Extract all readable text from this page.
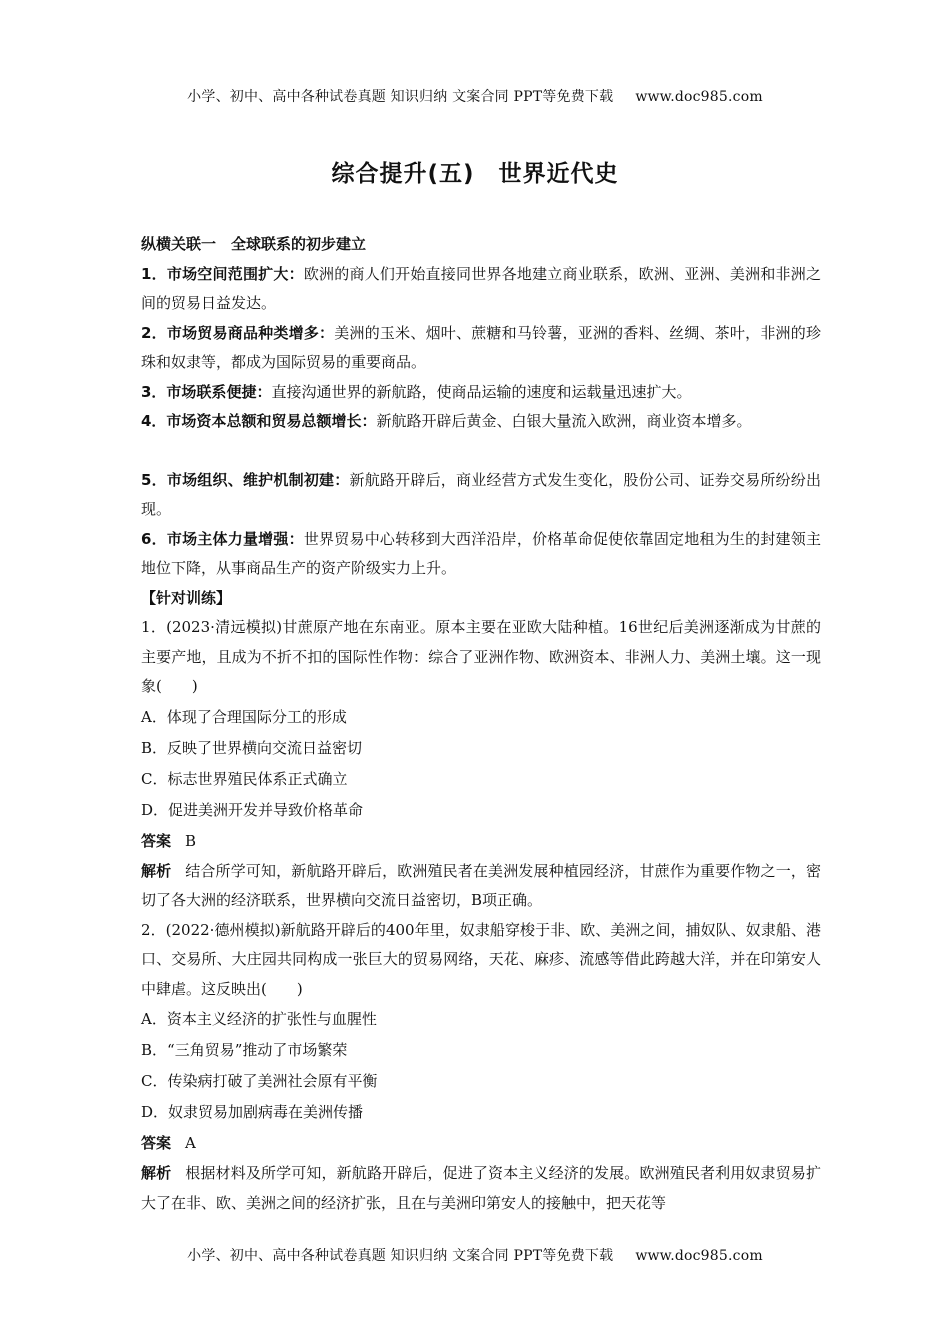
小学、初中、高中各种试卷真题 知识归纳 文案合同 PPT等免费下载 www.doc985.com
综合提升(五)　世界近代史

纵横关联一　全球联系的初步建立

1．市场空间范围扩大：欧洲的商人们开始直接同世界各地建立商业联系，欧洲、亚洲、美洲和非洲之间的贸易日益发达。

2．市场贸易商品种类增多：美洲的玉米、烟叶、蔗糖和马铃薯，亚洲的香料、丝绸、茶叶，非洲的珍珠和奴隶等，都成为国际贸易的重要商品。

3．市场联系便捷：直接沟通世界的新航路，使商品运输的速度和运载量迅速扩大。

4．市场资本总额和贸易总额增长：新航路开辟后黄金、白银大量流入欧洲，商业资本增多。

5．市场组织、维护机制初建：新航路开辟后，商业经营方式发生变化，股份公司、证券交易所纷纷出现。

6．市场主体力量增强：世界贸易中心转移到大西洋沿岸，价格革命促使依靠固定地租为生的封建领主地位下降，从事商品生产的资产阶级实力上升。

【针对训练】

1．(2023·清远模拟)甘蔗原产地在东南亚。原本主要在亚欧大陆种植。16世纪后美洲逐渐成为甘蔗的主要产地，且成为不折不扣的国际性作物：综合了亚洲作物、欧洲资本、非洲人力、美洲土壤。这一现象(　　)

A．体现了合理国际分工的形成

B．反映了世界横向交流日益密切

C．标志世界殖民体系正式确立

D．促进美洲开发并导致价格革命

答案 B

解析 结合所学可知，新航路开辟后，欧洲殖民者在美洲发展种植园经济，甘蔗作为重要作物之一，密切了各大洲的经济联系，世界横向交流日益密切，B项正确。

2．(2022·德州模拟)新航路开辟后的400年里，奴隶船穿梭于非、欧、美洲之间，捕奴队、奴隶船、港口、交易所、大庄园共同构成一张巨大的贸易网络，天花、麻疹、流感等借此跨越大洋，并在印第安人中肆虐。这反映出(　　)

A．资本主义经济的扩张性与血腥性

B．“三角贸易”推动了市场繁荣

C．传染病打破了美洲社会原有平衡

D．奴隶贸易加剧病毒在美洲传播

答案 A

解析 根据材料及所学可知，新航路开辟后，促进了资本主义经济的发展。欧洲殖民者利用奴隶贸易扩大了在非、欧、美洲之间的经济扩张，且在与美洲印第安人的接触中，把天花等

小学、初中、高中各种试卷真题 知识归纳 文案合同 PPT等免费下载 www.doc985.com
